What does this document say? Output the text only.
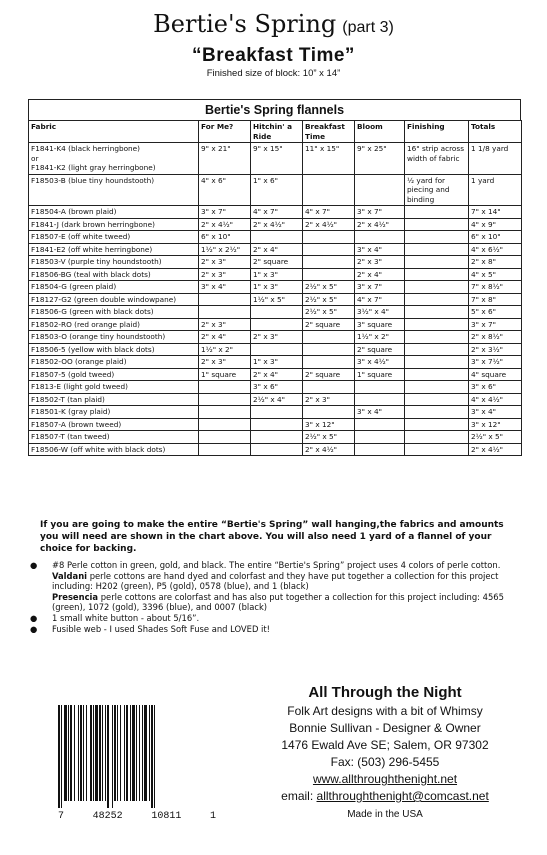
Bertie's Spring (part 3)
“Breakfast Time”
Finished size of block: 10” x 14”
Bertie's Spring flannels
Fabric	For Me?	Hitchin' a Ride	Breakfast Time	Bloom	Finishing	Totals
F1841-K4 (black herringbone)
or
F1841-K2 (light gray herringbone)	9" x 21"	9" x 15"	11" x 15"	9" x 25"	16" strip across width of fabric	1 1/8 yard
F18503-B (blue tiny houndstooth)	4" x 6"	1" x 6"			½ yard for piecing and binding	1 yard
F18504-A (brown plaid)	3" x 7"	4" x 7"	4" x 7"	3" x 7"		7" x 14"
F1841-J (dark brown herringbone)	2" x 4½"	2" x 4½"	2" x 4½"	2" x 4½"		4" x 9"
F18507-E (off white tweed)	6" x 10"					6" x 10"
F1841-E2 (off white herringbone)	1½" x 2½"	2" x 4"		3" x 4"		4" x 6½"
F18503-V (purple tiny houndstooth)	2" x 3"	2" square		2" x 3"		2" x 8"
F18506-BG (teal with black dots)	2" x 3"	1" x 3"		2" x 4"		4" x 5"
F18504-G (green plaid)	3" x 4"	1" x 3"	2½" x 5"	3" x 7"		7" x 8½"
F18127-G2 (green double windowpane)		1½" x 5"	2½" x 5"	4" x 7"		7" x 8"
F18506-G (green with black dots)			2½" x 5"	3½" x 4"		5" x 6"
F18502-RO (red orange plaid)	2" x 3"		2" square	3" square		3" x 7"
F18503-O (orange tiny houndstooth)	2" x 4"	2" x 3"		1½" x 2"		2" x 8½"
F18506-5 (yellow with black dots)	1½" x 2"			2" square		2" x 3½"
F18502-OO (orange plaid)	2" x 3"	1" x 3"		3" x 4½"		3" x 7½"
F18507-5 (gold tweed)	1" square	2" x 4"	2" square	1" square		4" square
F1813-E (light gold tweed)		3" x 6"				3" x 6"
F18502-T (tan plaid)		2½" x 4"	2" x 3"			4" x 4½"
F18501-K (gray plaid)				3" x 4"		3" x 4"
F18507-A (brown tweed)			3" x 12"			3" x 12"
F18507-T (tan tweed)			2½" x 5"			2½" x 5"
F18506-W (off white with black dots)			2" x 4½"			2" x 4½"
If you are going to make the entire “Bertie's Spring” wall hanging,the fabrics and amounts you will need are shown in the chart above. You will also need 1 yard of a flannel of your choice for backing.
● #8 Perle cotton in green, gold, and black. The entire “Bertie's Spring” project uses 4 colors of perle cotton.
Valdani perle cottons are hand dyed and colorfast and they have put together a collection for this project including: H202 (green), P5 (gold), 0578 (blue), and 1 (black)
Presencia perle cottons are colorfast and has also put together a collection for this project including: 4565 (green), 1072 (gold), 3396 (blue), and 0007 (black)
● 1 small white button - about 5/16”.
● Fusible web - I used Shades Soft Fuse and LOVED it!
7	48252	10811	1
All Through the Night
Folk Art designs with a bit of Whimsy
Bonnie Sullivan - Designer & Owner
1476 Ewald Ave SE; Salem, OR 97302
Fax: (503) 296-5455
www.allthroughthenight.net
email: allthroughthenight@comcast.net
Made in the USA
